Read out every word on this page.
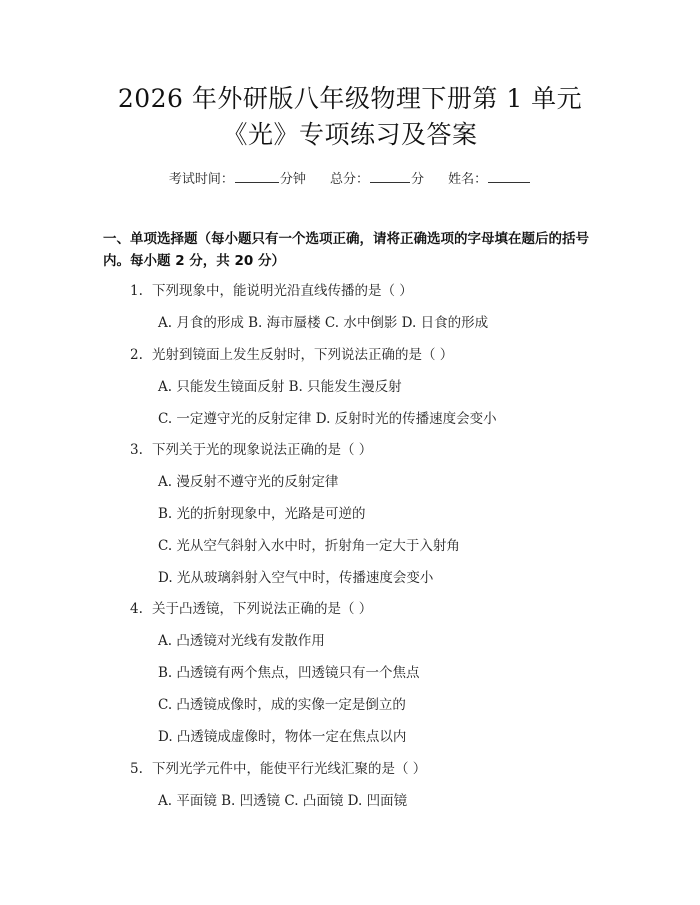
2026 年外研版八年级物理下册第 1 单元
《光》专项练习及答案
考试时间：	分钟 总分：	分 姓名：
一、单项选择题（每小题只有一个选项正确，请将正确选项的字母填在题后的括号内。每小题 2 分，共 20 分）
1. 下列现象中，能说明光沿直线传播的是（ ）
A. 月食的形成 B. 海市蜃楼 C. 水中倒影 D. 日食的形成
2. 光射到镜面上发生反射时，下列说法正确的是（ ）
A. 只能发生镜面反射 B. 只能发生漫反射
C. 一定遵守光的反射定律 D. 反射时光的传播速度会变小
3. 下列关于光的现象说法正确的是（ ）
A. 漫反射不遵守光的反射定律
B. 光的折射现象中，光路是可逆的
C. 光从空气斜射入水中时，折射角一定大于入射角
D. 光从玻璃斜射入空气中时，传播速度会变小
4. 关于凸透镜，下列说法正确的是（ ）
A. 凸透镜对光线有发散作用
B. 凸透镜有两个焦点，凹透镜只有一个焦点
C. 凸透镜成像时，成的实像一定是倒立的
D. 凸透镜成虚像时，物体一定在焦点以内
5. 下列光学元件中，能使平行光线汇聚的是（ ）
A. 平面镜 B. 凹透镜 C. 凸面镜 D. 凹面镜
